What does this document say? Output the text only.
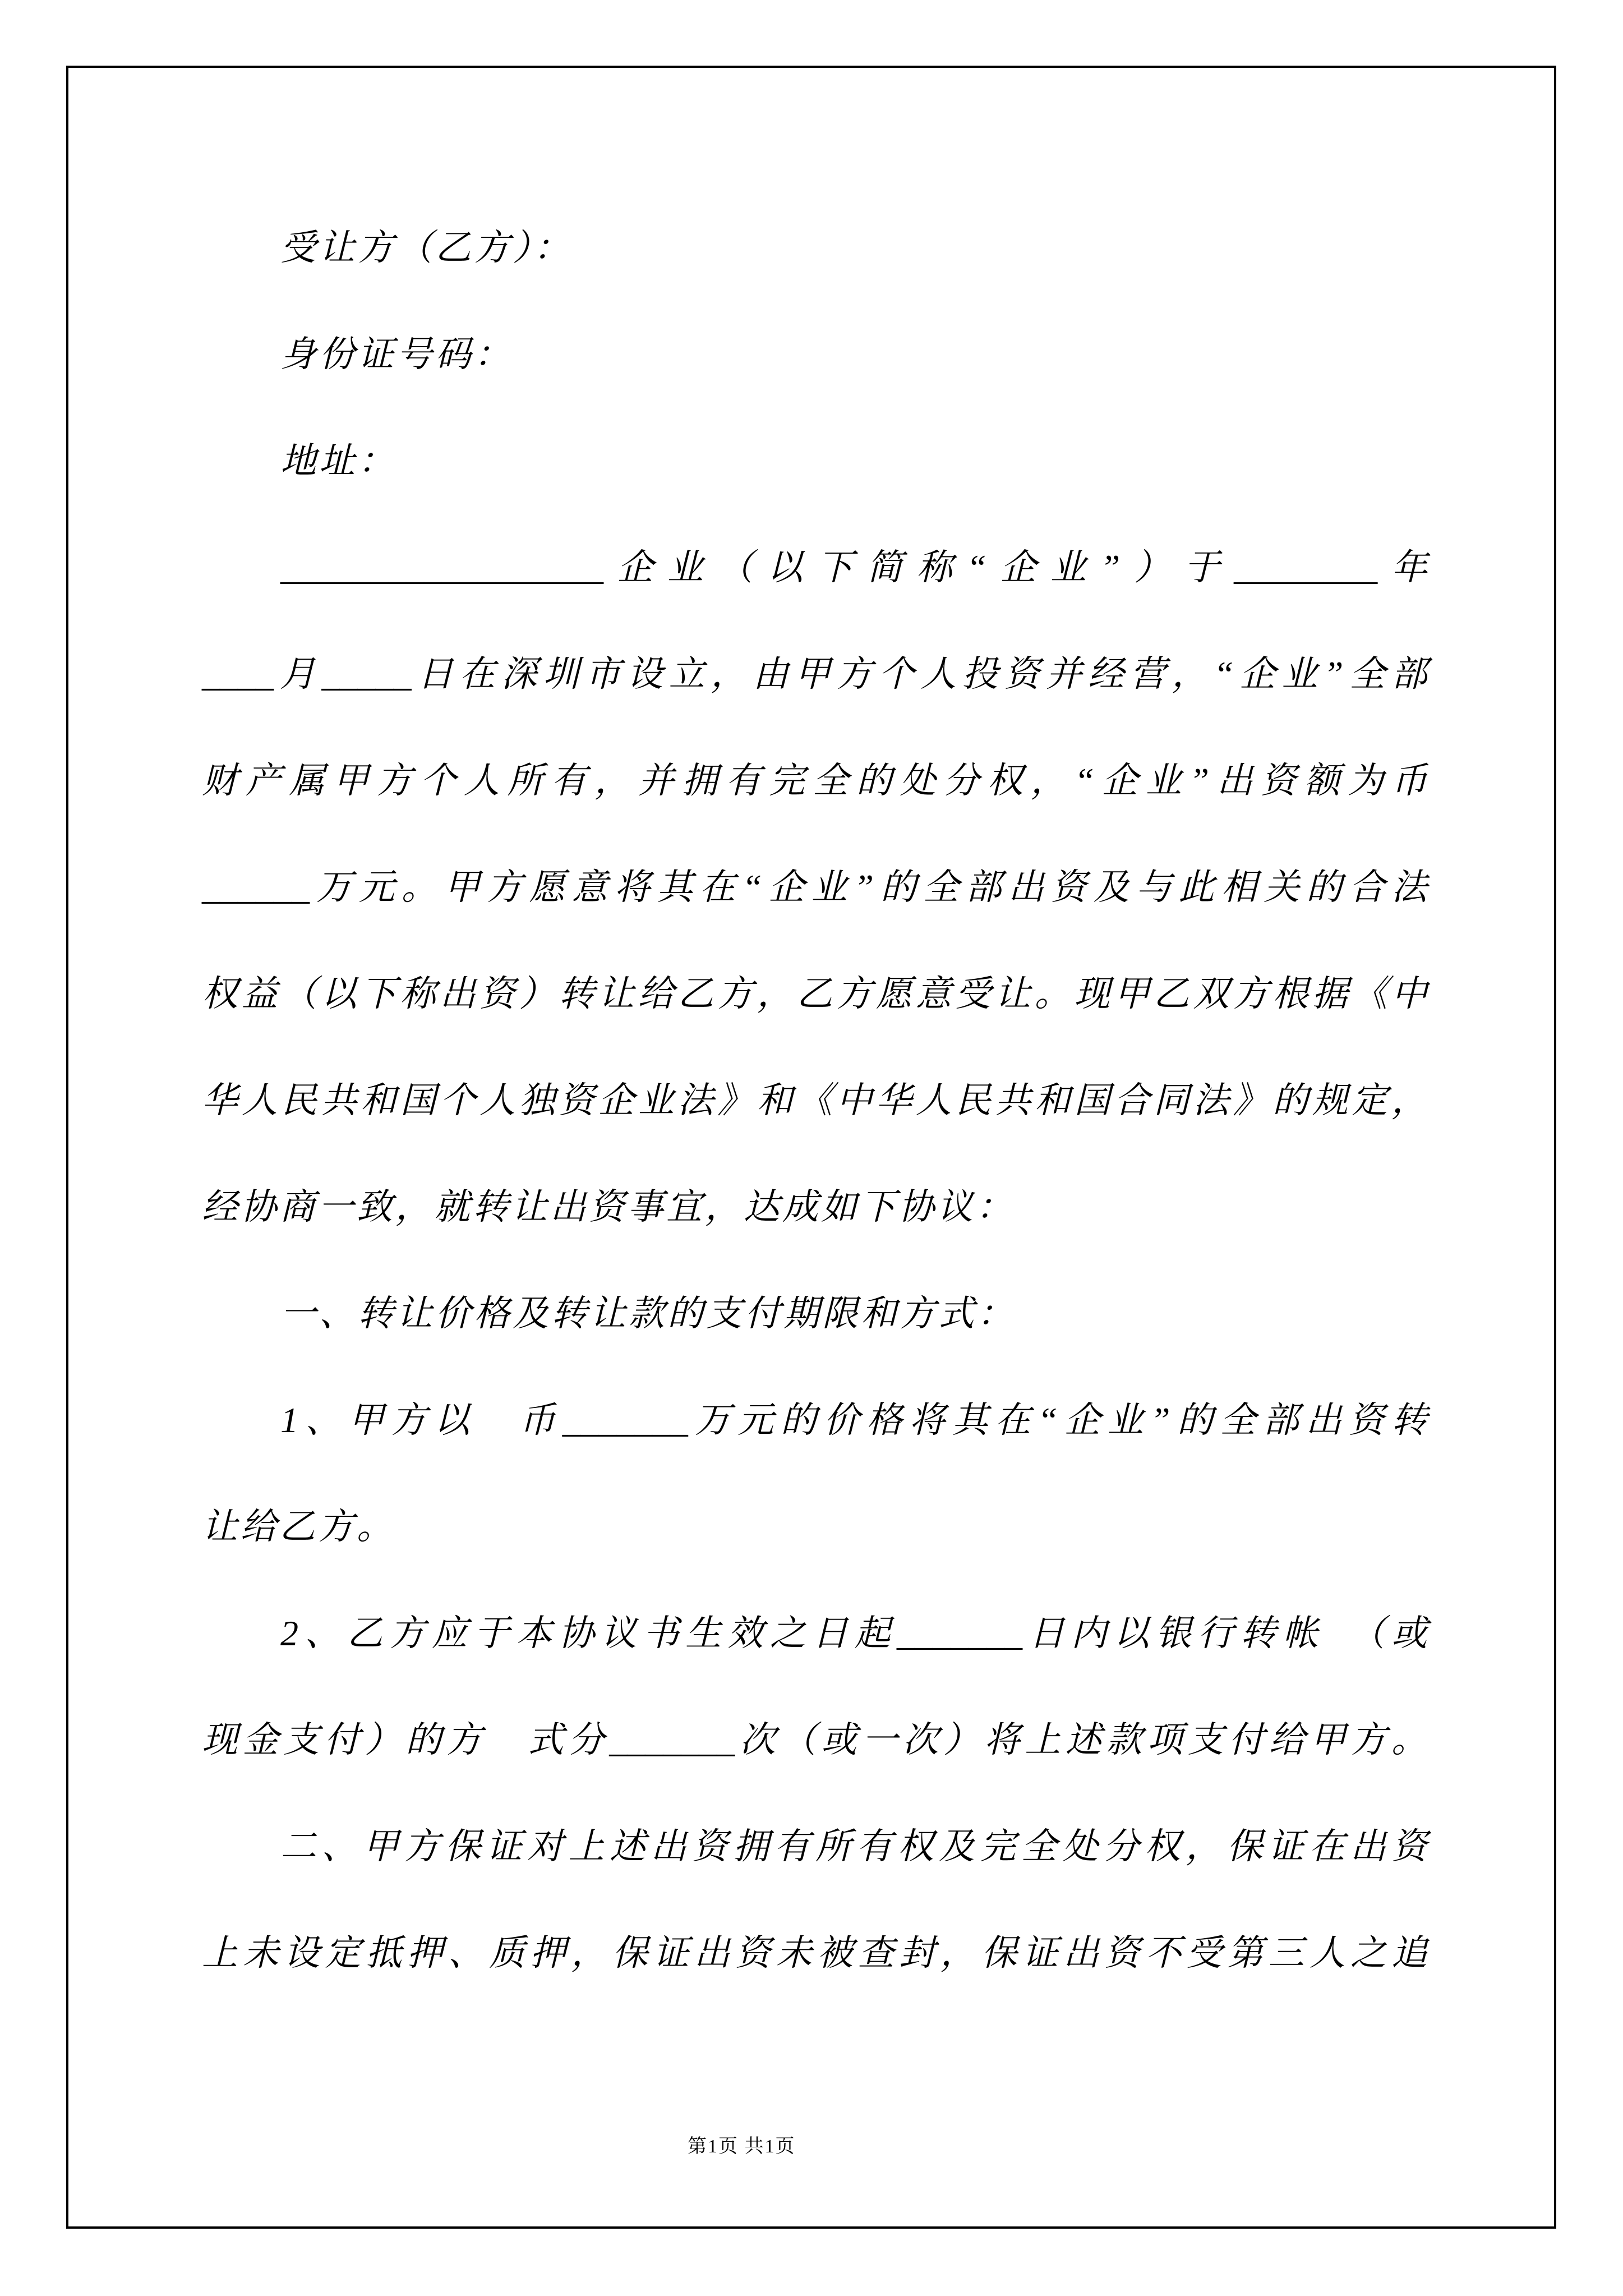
受让方（乙方）：
身份证号码：
地址：
__________________企业（以下简称“企业”）于________年
____月_____日在深圳市设立，由甲方个人投资并经营，“企业”全部
财产属甲方个人所有，并拥有完全的处分权，“企业”出资额为币
______万元。甲方愿意将其在“企业”的全部出资及与此相关的合法
权益（以下称出资）转让给乙方，乙方愿意受让。现甲乙双方根据《中
华人民共和国个人独资企业法》和《中华人民共和国合同法》的规定，
经协商一致，就转让出资事宜，达成如下协议：
一、转让价格及转让款的支付期限和方式：
1、甲方以　币_______万元的价格将其在“企业”的全部出资转
让给乙方。
2、乙方应于本协议书生效之日起_______日内以银行转帐　（或
现金支付）的方　式分_______次（或一次）将上述款项支付给甲方。
二、甲方保证对上述出资拥有所有权及完全处分权，保证在出资
上未设定抵押、质押，保证出资未被查封，保证出资不受第三人之追
第1页 共1页
